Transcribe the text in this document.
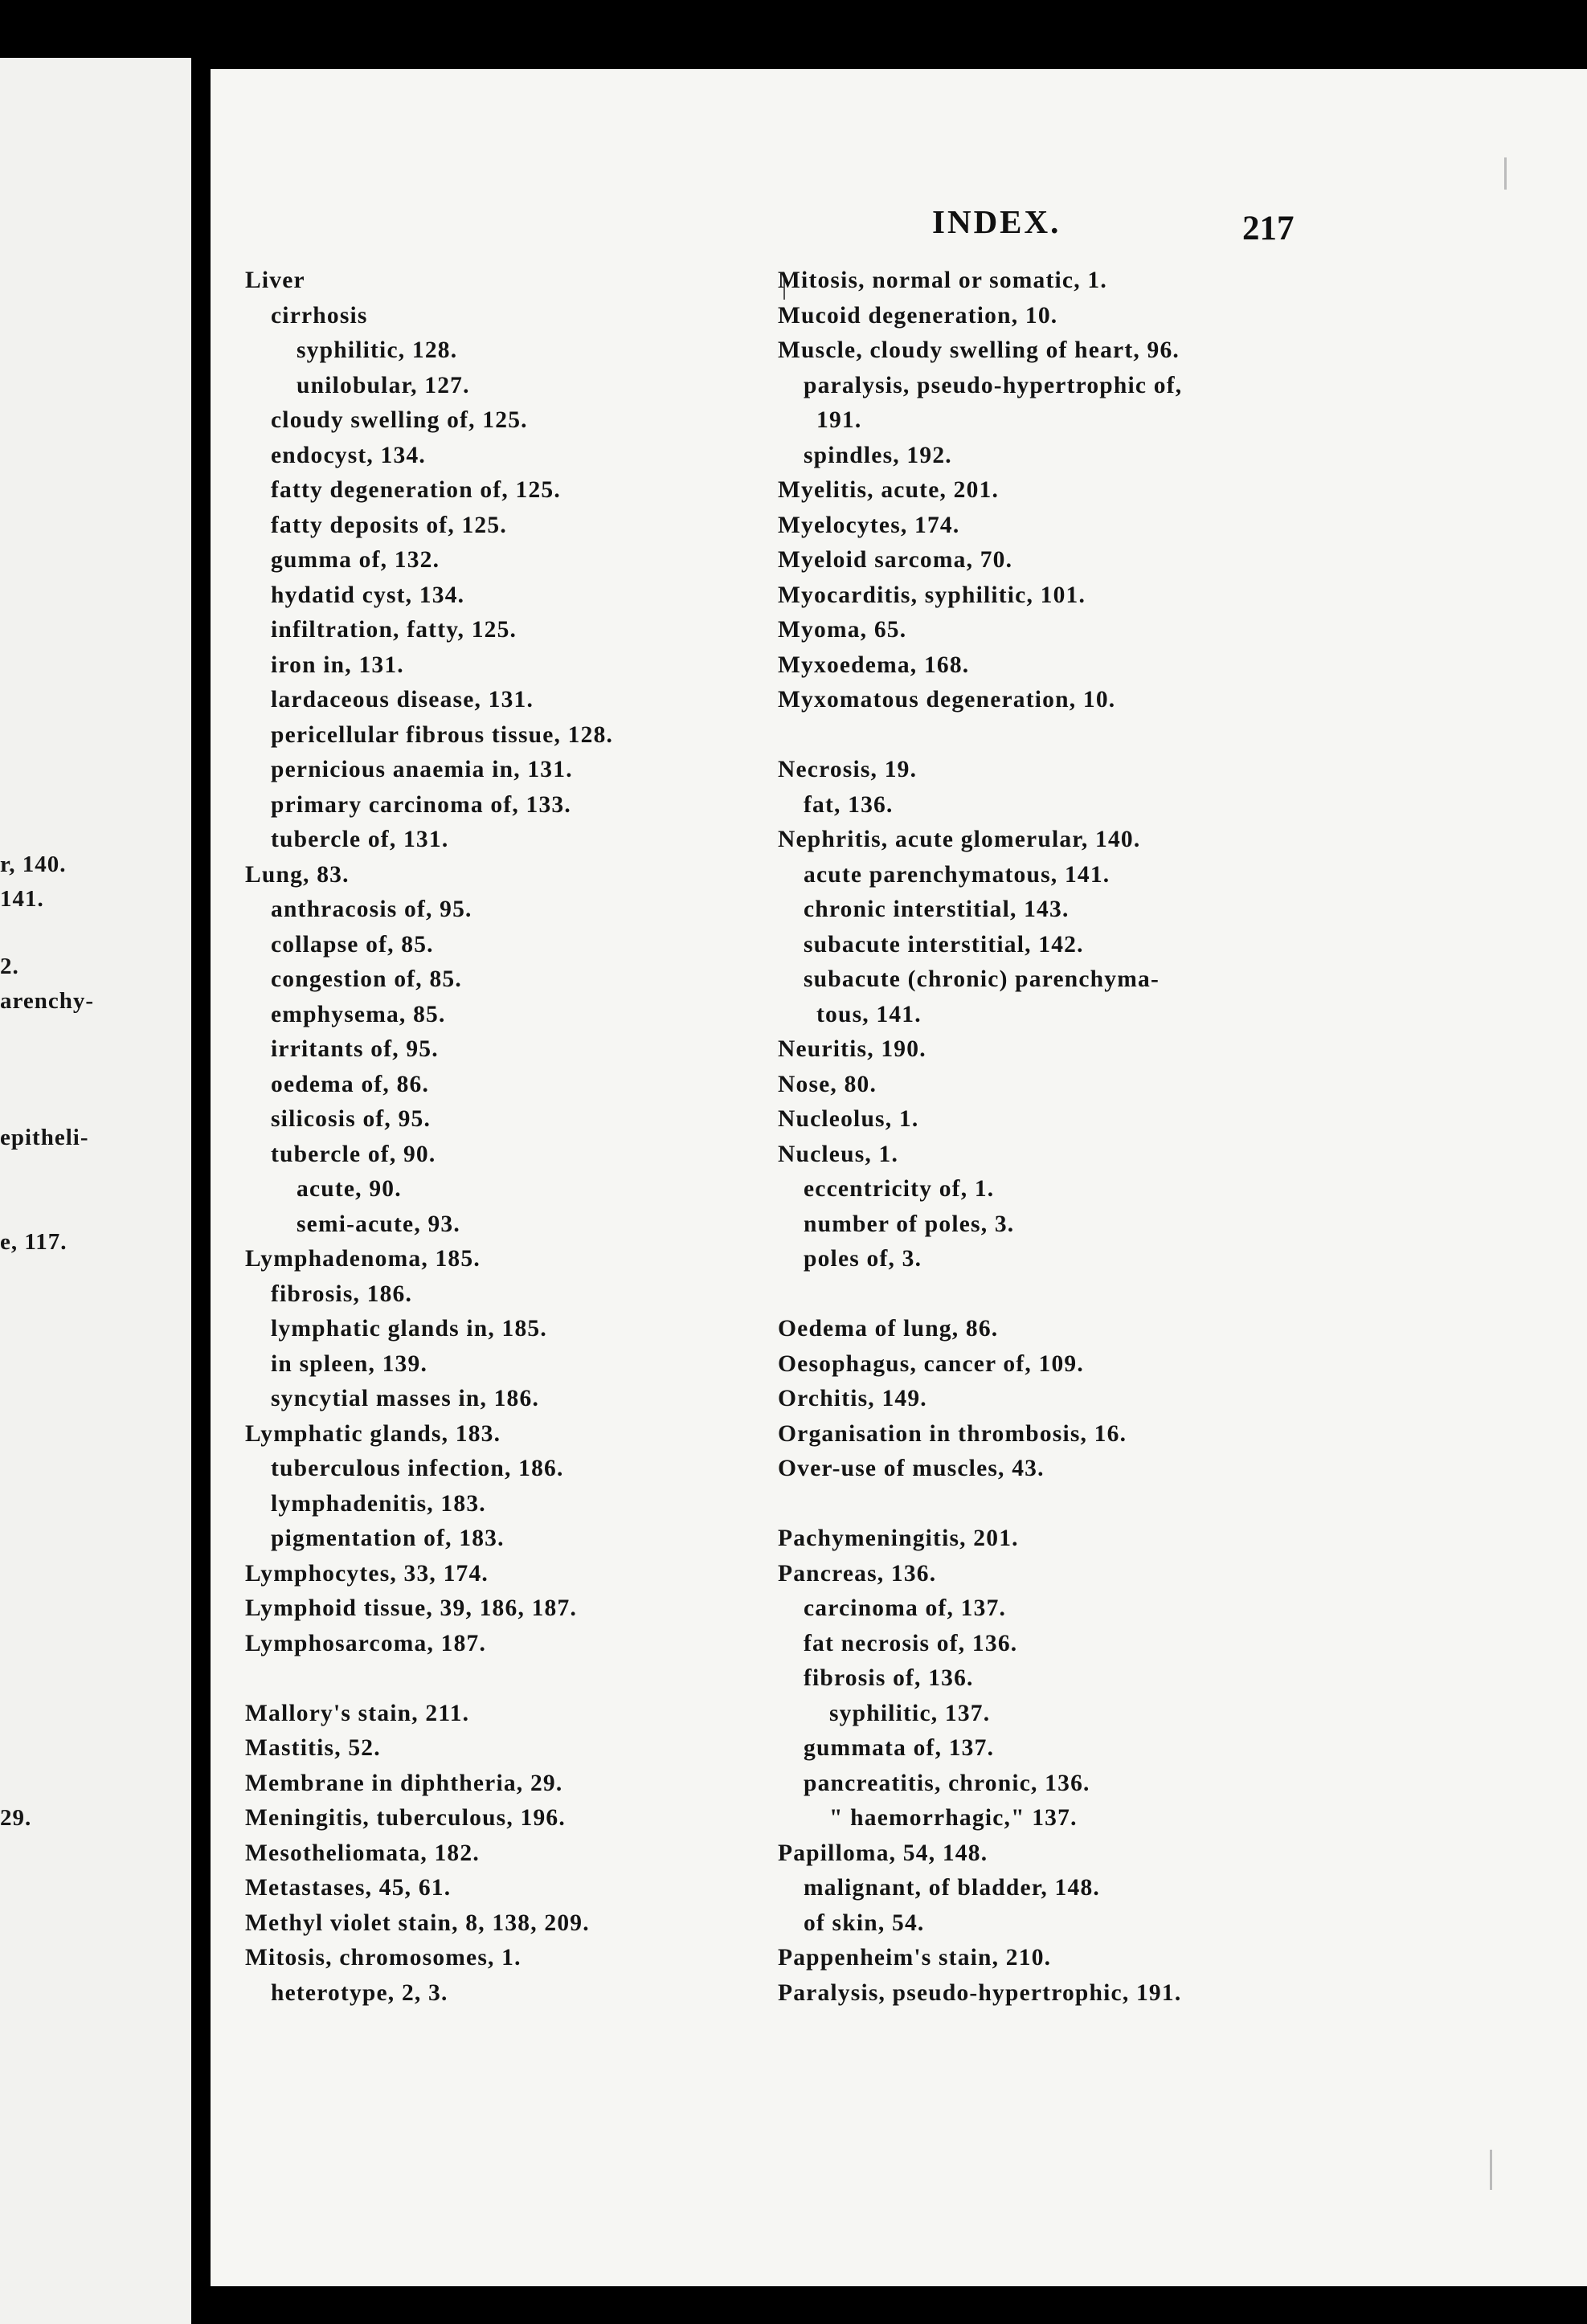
r, 140.
141.
2.
arenchy-
epitheli-
e, 117.
29.
INDEX.	217
Liver
cirrhosis
syphilitic, 128.
unilobular, 127.
cloudy swelling of, 125.
endocyst, 134.
fatty degeneration of, 125.
fatty deposits of, 125.
gumma of, 132.
hydatid cyst, 134.
infiltration, fatty, 125.
iron in, 131.
lardaceous disease, 131.
pericellular fibrous tissue, 128.
pernicious anaemia in, 131.
primary carcinoma of, 133.
tubercle of, 131.
Lung, 83.
anthracosis of, 95.
collapse of, 85.
congestion of, 85.
emphysema, 85.
irritants of, 95.
oedema of, 86.
silicosis of, 95.
tubercle of, 90.
acute, 90.
semi-acute, 93.
Lymphadenoma, 185.
fibrosis, 186.
lymphatic glands in, 185.
in spleen, 139.
syncytial masses in, 186.
Lymphatic glands, 183.
tuberculous infection, 186.
lymphadenitis, 183.
pigmentation of, 183.
Lymphocytes, 33, 174.
Lymphoid tissue, 39, 186, 187.
Lymphosarcoma, 187.
Mallory's stain, 211.
Mastitis, 52.
Membrane in diphtheria, 29.
Meningitis, tuberculous, 196.
Mesotheliomata, 182.
Metastases, 45, 61.
Methyl violet stain, 8, 138, 209.
Mitosis, chromosomes, 1.
heterotype, 2, 3.
Mitosis, normal or somatic, 1.
Mucoid degeneration, 10.
Muscle, cloudy swelling of heart, 96.
paralysis, pseudo-hypertrophic of,
191.
spindles, 192.
Myelitis, acute, 201.
Myelocytes, 174.
Myeloid sarcoma, 70.
Myocarditis, syphilitic, 101.
Myoma, 65.
Myxoedema, 168.
Myxomatous degeneration, 10.
Necrosis, 19.
fat, 136.
Nephritis, acute glomerular, 140.
acute parenchymatous, 141.
chronic interstitial, 143.
subacute interstitial, 142.
subacute (chronic) parenchyma-
tous, 141.
Neuritis, 190.
Nose, 80.
Nucleolus, 1.
Nucleus, 1.
eccentricity of, 1.
number of poles, 3.
poles of, 3.
Oedema of lung, 86.
Oesophagus, cancer of, 109.
Orchitis, 149.
Organisation in thrombosis, 16.
Over-use of muscles, 43.
Pachymeningitis, 201.
Pancreas, 136.
carcinoma of, 137.
fat necrosis of, 136.
fibrosis of, 136.
syphilitic, 137.
gummata of, 137.
pancreatitis, chronic, 136.
" haemorrhagic," 137.
Papilloma, 54, 148.
malignant, of bladder, 148.
of skin, 54.
Pappenheim's stain, 210.
Paralysis, pseudo-hypertrophic, 191.
